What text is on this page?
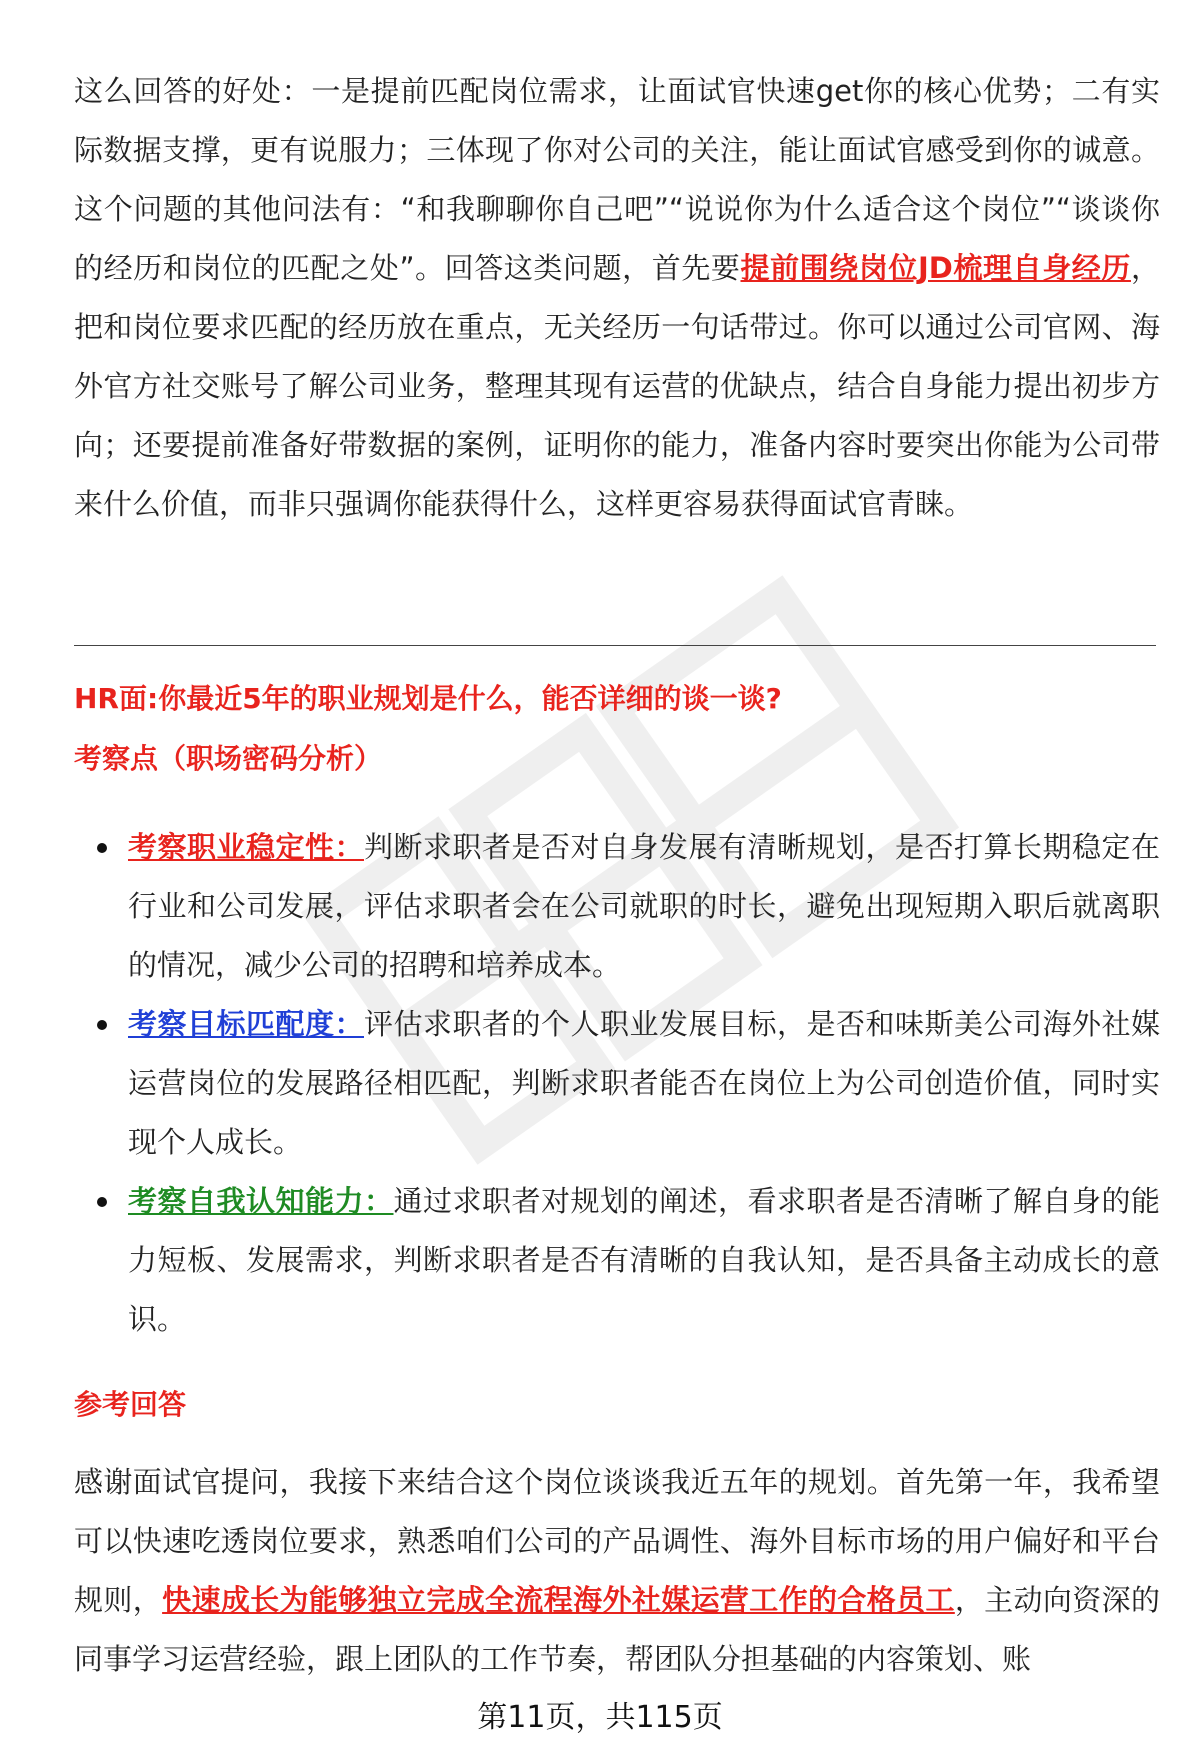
这么回答的好处：一是提前匹配岗位需求，让面试官快速get你的核心优势；二有实际数据支撑，更有说服力；三体现了你对公司的关注，能让面试官感受到你的诚意。这个问题的其他问法有：“和我聊聊你自己吧”“说说你为什么适合这个岗位”“谈谈你的经历和岗位的匹配之处”。回答这类问题，首先要提前围绕岗位JD梳理自身经历，把和岗位要求匹配的经历放在重点，无关经历一句话带过。你可以通过公司官网、海外官方社交账号了解公司业务，整理其现有运营的优缺点，结合自身能力提出初步方向；还要提前准备好带数据的案例，证明你的能力，准备内容时要突出你能为公司带来什么价值，而非只强调你能获得什么，这样更容易获得面试官青睐。

HR面:你最近5年的职业规划是什么，能否详细的谈一谈?
考察点（职场密码分析）
考察职业稳定性：判断求职者是否对自身发展有清晰规划，是否打算长期稳定在行业和公司发展，评估求职者会在公司就职的时长，避免出现短期入职后就离职的情况，减少公司的招聘和培养成本。
考察目标匹配度：评估求职者的个人职业发展目标，是否和味斯美公司海外社媒运营岗位的发展路径相匹配，判断求职者能否在岗位上为公司创造价值，同时实现个人成长。
考察自我认知能力：通过求职者对规划的阐述，看求职者是否清晰了解自身的能力短板、发展需求，判断求职者是否有清晰的自我认知，是否具备主动成长的意识。
参考回答

感谢面试官提问，我接下来结合这个岗位谈谈我近五年的规划。首先第一年，我希望可以快速吃透岗位要求，熟悉咱们公司的产品调性、海外目标市场的用户偏好和平台规则，快速成长为能够独立完成全流程海外社媒运营工作的合格员工，主动向资深的同事学习运营经验，跟上团队的工作节奏，帮团队分担基础的内容策划、账

第11页，共115页
